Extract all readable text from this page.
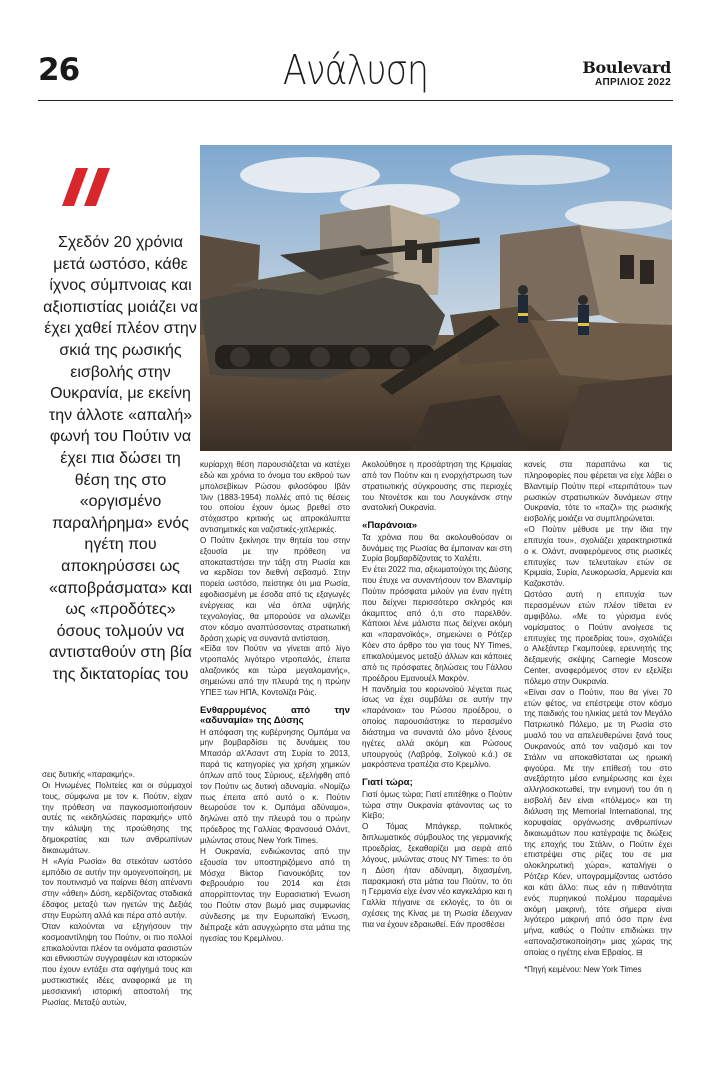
26	Ανάλυση	Boulevard
ΑΠΡΙΛΙΟΣ 2022
Σχεδόν 20 χρόνια μετά ωστόσο, κάθε ίχνος σύμπνοιας και αξιοπιστίας μοιάζει να έχει χαθεί πλέον στην σκιά της ρωσικής εισβολής στην Ουκρανία, με εκείνη την άλλοτε «απαλή» φωνή του Πούτιν να έχει πια δώσει τη θέση της στο «οργισμένο παραλήρημα» ενός ηγέτη που αποκηρύσσει ως «αποβράσματα» και ως «προδότες» όσους τολμούν να αντισταθούν στη βία της δικτατορίας του

σεις δυτικής «παρακμής».

Οι Ηνωμένες Πολιτείες και οι σύμμαχοί τους, σύμφωνα με τον κ. Πούτιν, είχαν την πρόθεση να παγκοσμιοποιήσουν αυτές τις «εκδηλώσεις παρακμής» υπό την κάλυψη της προώθησης της δημοκρατίας και των ανθρωπίνων δικαιωμάτων.

Η «Αγία Ρωσία» θα στεκόταν ωστόσο εμπόδιο σε αυτήν την ομογενοποίηση, με τον πουτινισμό να παίρνει θέση απέναντι στην «άθεη» Δύση, κερδίζοντας σταδιακά έδαφος μεταξύ των ηγετών της Δεξιάς στην Ευρώπη αλλά και πέρα από αυτήν.

Όταν καλούνται να εξηγήσουν την κοσμοαντίληψη του Πούτιν, οι πιο πολλοί επικαλούνται πλέον τα ονόματα φασιστών και εθνικιστών συγγραφέων και ιστορικών που έχουν εντάξει στα αφήγημά τους και μυστικιστικές ιδέες αναφορικά με τη μεσσιανική ιστορική αποστολή της Ρωσίας. Μεταξύ αυτών,

κυρίαρχη θέση παρουσιάζεται να κατέχει εδώ και χρόνια το όνομα του εκθρού των μπολσεβίκων Ρώσου φιλοσόφου Ιβάν Ίλιν (1883-1954) πολλές από τις θέσεις του οποίου έχουν όμως βρεθεί στο στόχαστρο κριτικής ως απροκάλυπτα αντισημιτικές και ναζιστικές-χιτλερικές.

Ο Πούτιν ξεκίνησε την θητεία του στην εξουσία με την πρόθεση να αποκαταστήσει την τάξη στη Ρωσία και να κερδίσει τον διεθνή σεβασμό. Στην πορεία ωστόσο, πείστηκε ότι μια Ρωσία, εφοδιασμένη με έσοδα από τις εξαγωγές ενέργειας και νέα όπλα υψηλής τεχνολογίας, θα μπορούσε να αλωνίζει στον κόσμο αναπτύσσοντας στρατιωτική δράση χωρίς να συναντά αντίσταση.

«Είδα τον Πούτιν να γίνεται από λίγο ντροπαλός λιγότερο ντροπαλός, έπειτα αλαζονικός και τώρα μεγαλομανής», σημειώνει από την πλευρά της η πρώην ΥΠΕΞ των ΗΠΑ, Κοντολίζα Ράις.

Ενθαρρυμένος από την «αδυναμία» της Δύσης

Η απόφαση της κυβέρνησης Ομπάμα να μην βομβαρδίσει τις δυνάμεις του Μπασάρ αλ'Ασαντ στη Συρία το 2013, παρά τις κατηγορίες για χρήση χημικών όπλων από τους Σύριους, εξελήφθη από τον Πούτιν ως δυτική αδυναμία. «Νομίζω πως έπειτα από αυτό ο κ. Πούτιν θεωρούσε τον κ. Ομπάμα αδύναμο», δηλώνει από την πλευρά του ο πρώην πρόεδρος της Γαλλίας Φρανσουά Ολάντ, μιλώντας στους New York Times.

Η Ουκρανία, ενδιώκοντας από την εξουσία τον υποστηριζόμενο από τη Μόσχα Βίκτορ Γιανουκόβιτς τον Φεβρουάριο του 2014 και έτσι απορρίπτοντας την Ευρασιατική Ένωση του Πούτιν στον βωμό μιας συμφωνίας σύνδεσης με την Ευρωπαϊκή Ένωση, διέπραξε κάτι ασυγχώρητο στα μάτια της ηγεσίας του Κρεμλίνου.

Ακολούθησε η προσάρτηση της Κριμαίας από τον Πούτιν και η ενορχήστρωση των στρατιωτικής σύγκρουσης στις περιοχές του Ντονέτσκ και του Λουγκάνσκ στην ανατολική Ουκρανία.

«Παράνοια»

Τα χρόνια που θα ακολουθούσαν οι δυνάμεις της Ρωσίας θα έμπαιναν και στη Συρία βομβαρδίζοντας το Χαλέπι.

Εν έτει 2022 πια, αξιωματούχοι της Δύσης που έτυχε να συναντήσουν τον Βλαντιμίρ Πούτιν πρόσφατα μιλούν για έναν ηγέτη που δείχνει περισσότερο σκληρός και άκαμπτος από ό,τι στο παρελθόν. Κάποιοι λένε μάλιστα πως δείχνει ακόμη και «παρανοϊκός», σημειώνει ο Ρότζερ Κόεν στο άρθρο του για τους NY Times, επικαλούμενος μεταξύ άλλων και κάποιες από τις πρόσφατες δηλώσεις του Γάλλου προέδρου Εμανουέλ Μακρόν.

Η πανδημία του κορωνοϊού λέγεται πως ίσως να έχει συμβάλει σε αυτήν την «παράνοια» του Ρώσου προέδρου, ο οποίος παρουσιάστηκε το περασμένο διάστημα να συναντά όλο μόνο ξένους ηγέτες αλλά ακόμη και Ρώσους υπουργούς (Λαβρόφ, Σοϊγκού κ.ά.) σε μακρόστενα τραπέζια στο Κρεμλίνο.

Γιατί τώρα;

Γιατί όμως τώρα; Γιατί επιτέθηκε ο Πούτιν τώρα στην Ουκρανία φτάνοντας ως το Κίεβο;

Ο Τόμας Μπάγκερ, πολιτικός διπλωματικός σύμβουλος της γερμανικής προεδρίας, ξεκαθαρίζει μια σειρά από λόγους, μιλώντας στους NY Times: το ότι η Δύση ήταν αδύναμη, διχασμένη, παρακμιακή στα μάτια του Πούτιν, το ότι η Γερμανία είχε έναν νέο καγκελάριο και η Γαλλία πήγαινε σε εκλογές, το ότι οι σχέσεις της Κίνας με τη Ρωσία έδειχναν πια να έχουν εδραιωθεί. Εάν προσθέσει

κανείς στα παραπάνω και τις πληροφορίες που φέρεται να είχε λάβει ο Βλαντιμίρ Πούτιν περί «περιπάτου» των ρωσικών στρατιωτικών δυνάμεων στην Ουκρανία, τότε το «παζλ» της ρωσικής εισβολής μοιάζει να συμπληρώνεται.

«Ο Πούτιν μέθυσε με την ίδια την επιτυχία του», σχολιάζει χαρακτηριστικά ο κ. Ολάντ, αναφερόμενος στις ρωσικές επιτυχίες των τελευταίων ετών σε Κριμαία, Συρία, Λευκορωσία, Αρμενία και Καζακστάν.

Ωστόσο αυτή η επιτυχία των περασμένων ετών πλέον τίθεται εν αμφιβόλω. «Με το γύρισμα ενός νομίσματος ο Πούτιν ανοίγεσε τις επιτυχίες της προεδρίας του», σχολιάζει ο Αλεξάντερ Γκαμπούεφ, ερευνητής της δεξαμενής σκέψης Carnegie Moscow Center, αναφερόμενος στον εν εξελίξει πόλεμο στην Ουκρανία.

«Είναι σαν ο Πούτιν, που θα γίνει 70 ετών φέτος, να επέστρεψε στον κόσμο της παιδικής του ηλικίας μετά τον Μεγάλο Πατριωτικό Πόλεμο, με τη Ρωσία στο μυαλό του να απελευθερώνει ξανά τους Ουκρανούς από τον ναζισμό και τον Στάλιν να αποκαθίσταται ως ηρωική φιγούρα. Με την επίθεσή του στο ανεξάρτητο μέσο ενημέρωσης και έχει αλληλοσκοτωθεί, την ενημονή του ότι η εισβολή δεν είναι «πόλεμος» και τη διάλυση της Memorial International, της κορυφαίας οργάνωσης ανθρωπίνων δικαιωμάτων που κατέγραψε τις διώξεις της εποχής του Στάλιν, ο Πούτιν έχει επιστρέψει στις ρίζες του σε μια ολοκληρωτική χώρα», καταλήγει ο Ρότζερ Κόεν, υπογραμμίζοντας ωστόσο και κάτι άλλο: πως εάν η πιθανότητα ενός πυρηνικού πολέμου παραμένει ακόμη μακρινή, τότε σήμερα είναι λιγότερο μακρινή από όσο πριν ένα μήνα, καθώς ο Πούτιν επιδιώκει την «αποναζιστικοποίηση» μιας χώρας της οποίας ο ηγέτης είναι Εβραίος. ⊟

*Πηγή κειμένου: New York Times
